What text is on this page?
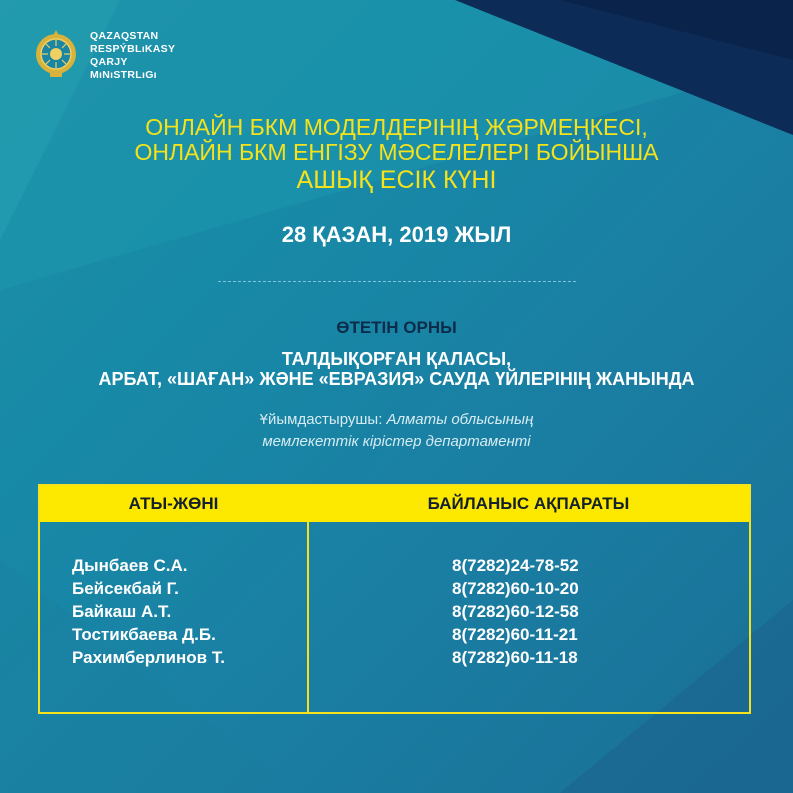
QAZAQSTAN
RESPÝBLıKASY
QARJY
MıNıSTRLıGı
ОНЛАЙН БКМ МОДЕЛДЕРІНІҢ ЖӘРМЕҢКЕСІ,
ОНЛАЙН БКМ ЕНГІЗУ МӘСЕЛЕЛЕРІ БОЙЫНША
АШЫҚ ЕСІК КҮНІ
28 ҚАЗАН, 2019 ЖЫЛ
ӨТЕТІН ОРНЫ
ТАЛДЫҚОРҒАН ҚАЛАСЫ,
АРБАТ, «ШАҒАН» ЖӘНЕ «ЕВРАЗИЯ» САУДА ҮЙЛЕРІНІҢ ЖАНЫНДА
Ұйымдастырушы: Алматы облысының
мемлекеттік кірістер департаменті
АТЫ-ЖӨНІ	БАЙЛАНЫС АҚПАРАТЫ
Дынбаев С.А.
Бейсекбай Г.
Байкаш А.Т.
Тостикбаева Д.Б.
Рахимберлинов Т.
8(7282)24-78-52
8(7282)60-10-20
8(7282)60-12-58
8(7282)60-11-21
8(7282)60-11-18
